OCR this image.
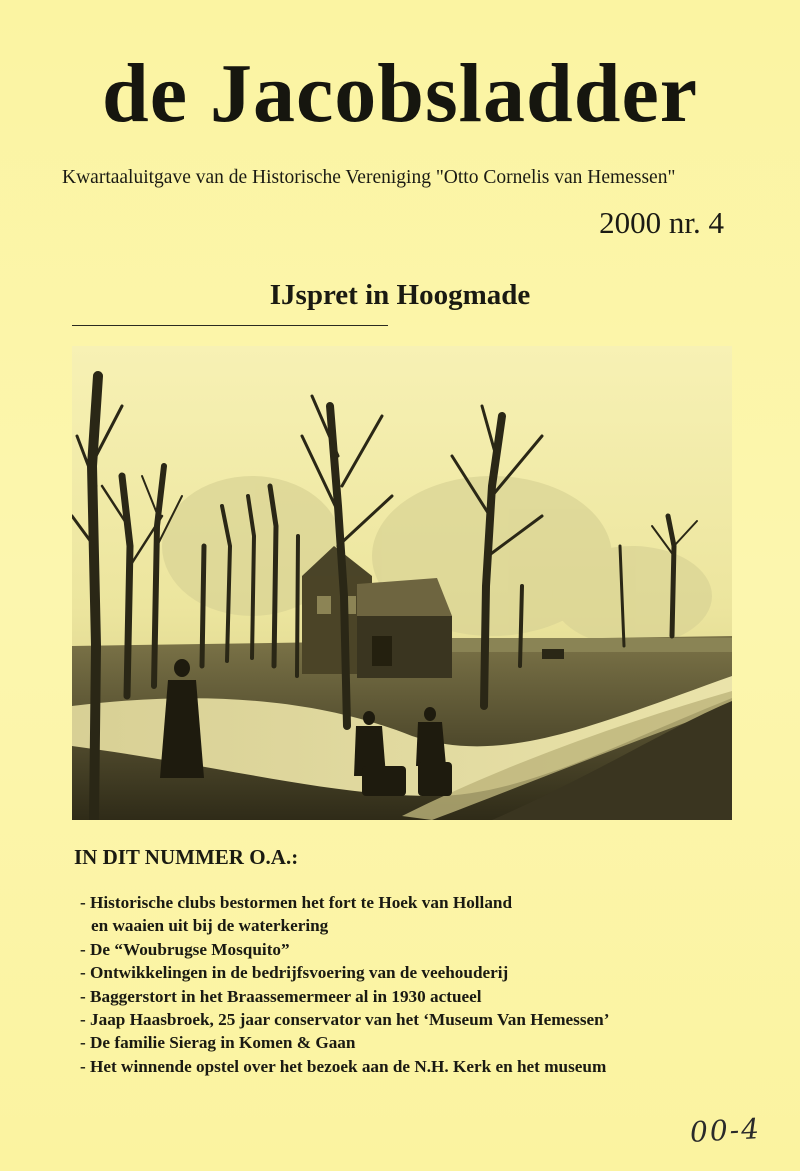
de Jacobsladder
Kwartaaluitgave van de Historische Vereniging "Otto Cornelis van Hemessen"
2000 nr. 4
IJspret in Hoogmade
IN DIT NUMMER O.A.:
- Historische clubs bestormen het fort te Hoek van Holland
en waaien uit bij de waterkering
- De “Woubrugse Mosquito”
- Ontwikkelingen in de bedrijfsvoering van de veehouderij
- Baggerstort in het Braassemermeer al in 1930 actueel
- Jaap Haasbroek, 25 jaar conservator van het ‘Museum Van Hemessen’
- De familie Sierag in Komen & Gaan
- Het winnende opstel over het bezoek aan de N.H. Kerk en het museum
00-4
